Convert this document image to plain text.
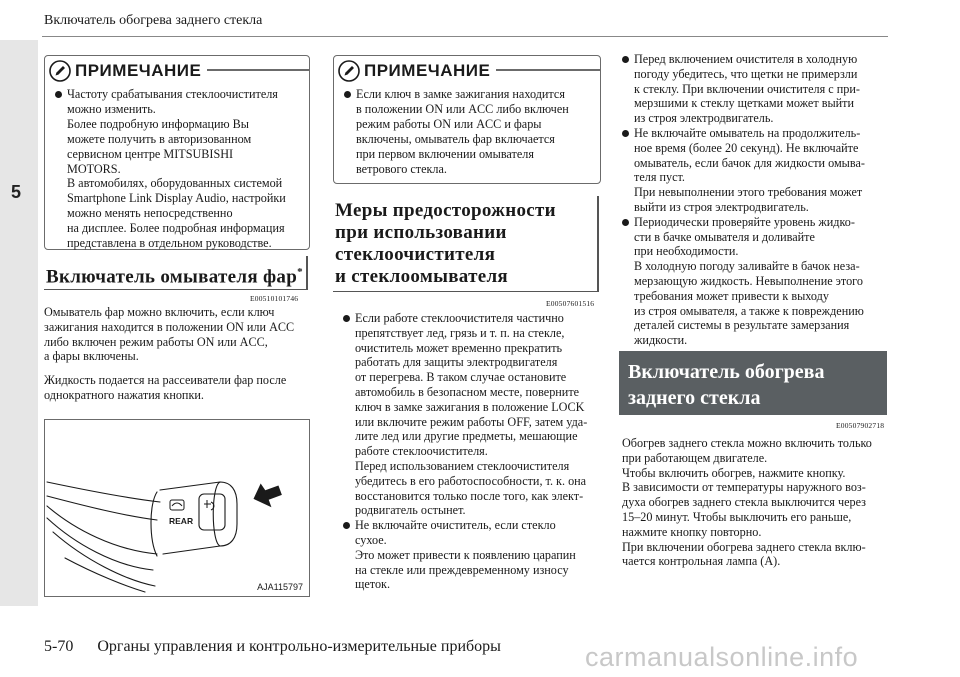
5
Включатель обогрева заднего стекла
ПРИМЕЧАНИЕ
Частоту срабатывания стеклоочистителя
можно изменить.
Более подробную информацию Вы
можете получить в авторизованном
сервисном центре MITSUBISHI
MOTORS.
В автомобилях, оборудованных системой
Smartphone Link Display Audio, настройки
можно менять непосредственно
на дисплее. Более подробная информация
представлена в отдельном руководстве.
Включатель омывателя фар*
E00510101746
Омыватель фар можно включить, если ключ
зажигания находится в положении ON или ACC
либо включен режим работы ON или ACC,
а фары включены.
Жидкость подается на рассеиватели фар после
однократного нажатия кнопки.
REAR
AJA115797
ПРИМЕЧАНИЕ
Если ключ в замке зажигания находится
в положении ON или ACC либо включен
режим работы ON или ACC и фары
включены, омыватель фар включается
при первом включении омывателя
ветрового стекла.
Меры предосторожности
при использовании
стеклоочистителя
и стеклоомывателя
E00507601516
Если работе стеклоочистителя частично
препятствует лед, грязь и т. п. на стекле,
очиститель может временно прекратить
работать для защиты электродвигателя
от перегрева. В таком случае остановите
автомобиль в безопасном месте, поверните
ключ в замке зажигания в положение LOCK
или включите режим работы OFF, затем уда-
лите лед или другие предметы, мешающие
работе стеклоочистителя.
Перед использованием стеклоочистителя
убедитесь в его работоспособности, т. к. она
восстановится только после того, как элект-
родвигатель остынет.
Не включайте очиститель, если стекло
сухое.
Это может привести к появлению царапин
на стекле или преждевременному износу
щеток.
Перед включением очистителя в холодную
погоду убедитесь, что щетки не примерзли
к стеклу. При включении очистителя с при-
мерзшими к стеклу щетками может выйти
из строя электродвигатель.
Не включайте омыватель на продолжитель-
ное время (более 20 секунд). Не включайте
омыватель, если бачок для жидкости омыва-
теля пуст.
При невыполнении этого требования может
выйти из строя электродвигатель.
Периодически проверяйте уровень жидко-
сти в бачке омывателя и доливайте
при необходимости.
В холодную погоду заливайте в бачок неза-
мерзающую жидкость. Невыполнение этого
требования может привести к выходу
из строя омывателя, а также к повреждению
деталей системы в результате замерзания
жидкости.
Включатель обогрева
заднего стекла
E00507902718
Обогрев заднего стекла можно включить только
при работающем двигателе.
Чтобы включить обогрев, нажмите кнопку.
В зависимости от температуры наружного воз-
духа обогрев заднего стекла выключится через
15–20 минут. Чтобы выключить его раньше,
нажмите кнопку повторно.
При включении обогрева заднего стекла вклю-
чается контрольная лампа (A).
5-70 Органы управления и контрольно-измерительные приборы	carmanualsonline.info
